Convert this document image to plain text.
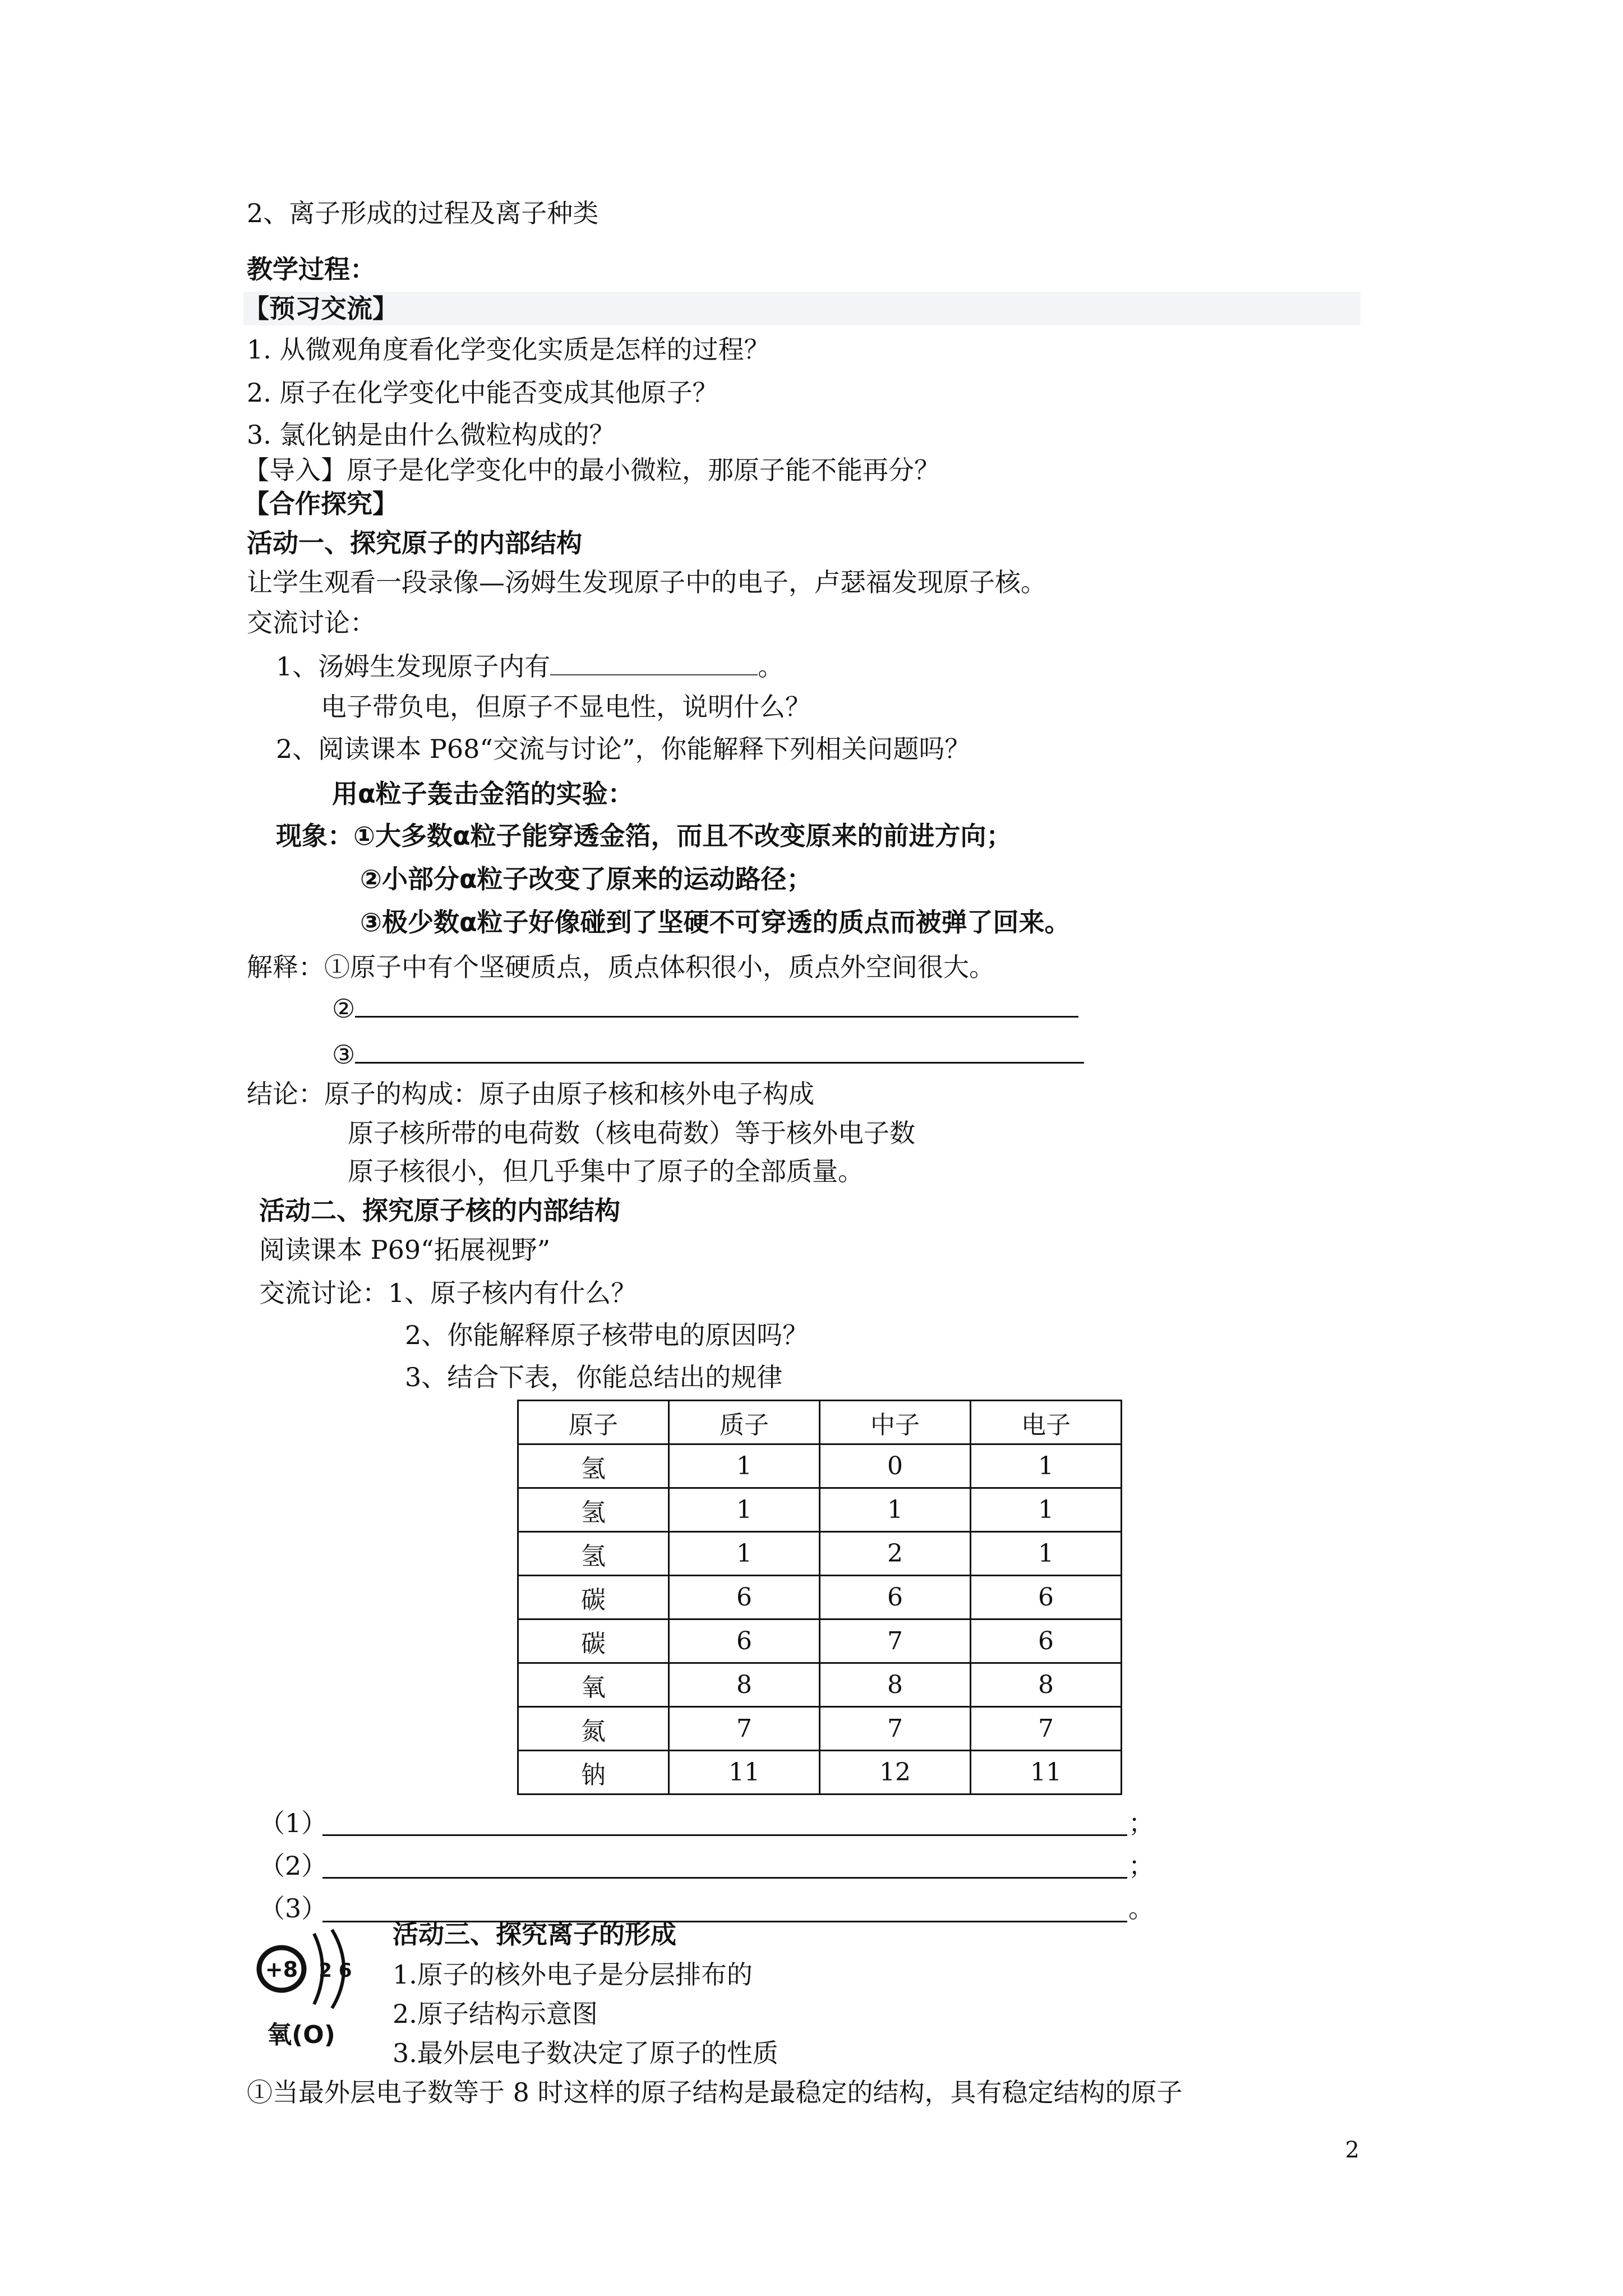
2、离子形成的过程及离子种类
教学过程：
【预习交流】
1. 从微观角度看化学变化实质是怎样的过程？
2. 原子在化学变化中能否变成其他原子？
3. 氯化钠是由什么微粒构成的？
【导入】原子是化学变化中的最小微粒，那原子能不能再分？
【合作探究】
活动一、探究原子的内部结构
让学生观看一段录像—汤姆生发现原子中的电子，卢瑟福发现原子核。
交流讨论：
1、汤姆生发现原子内有	。
电子带负电，但原子不显电性，说明什么？
2、阅读课本 P68“交流与讨论”，你能解释下列相关问题吗？
用α粒子轰击金箔的实验：
现象：①大多数α粒子能穿透金箔，而且不改变原来的前进方向；
②小部分α粒子改变了原来的运动路径；
③极少数α粒子好像碰到了坚硬不可穿透的质点而被弹了回来。
解释：①原子中有个坚硬质点，质点体积很小，质点外空间很大。
②
③
结论：原子的构成：原子由原子核和核外电子构成
原子核所带的电荷数（核电荷数）等于核外电子数
原子核很小，但几乎集中了原子的全部质量。
活动二、探究原子核的内部结构
阅读课本 P69“拓展视野”
交流讨论：1、原子核内有什么？
2、你能解释原子核带电的原因吗？
3、结合下表，你能总结出的规律
原子	质子	中子	电子
氢	1	0	1
氢	1	1	1
氢	1	2	1
碳	6	6	6
碳	6	7	6
氧	8	8	8
氮	7	7	7
钠	11	12	11
（1）	；
（2）	；
（3）	。
+8 2 6
氧(O)
活动三、探究离子的形成
1.原子的核外电子是分层排布的
2.原子结构示意图
3.最外层电子数决定了原子的性质
①当最外层电子数等于 8 时这样的原子结构是最稳定的结构，具有稳定结构的原子
2
